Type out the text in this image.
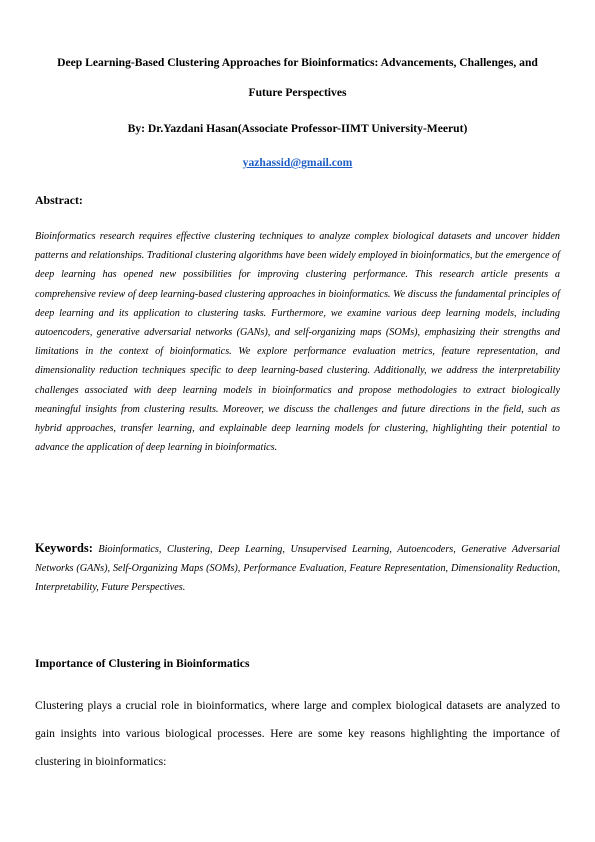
Deep Learning-Based Clustering Approaches for Bioinformatics: Advancements, Challenges, and
Future Perspectives
By: Dr.Yazdani Hasan(Associate Professor-IIMT University-Meerut)
yazhassid@gmail.com
Abstract:

Bioinformatics research requires effective clustering techniques to analyze complex biological datasets and uncover hidden patterns and relationships. Traditional clustering algorithms have been widely employed in bioinformatics, but the emergence of deep learning has opened new possibilities for improving clustering performance. This research article presents a comprehensive review of deep learning-based clustering approaches in bioinformatics. We discuss the fundamental principles of deep learning and its application to clustering tasks. Furthermore, we examine various deep learning models, including autoencoders, generative adversarial networks (GANs), and self-organizing maps (SOMs), emphasizing their strengths and limitations in the context of bioinformatics. We explore performance evaluation metrics, feature representation, and dimensionality reduction techniques specific to deep learning-based clustering. Additionally, we address the interpretability challenges associated with deep learning models in bioinformatics and propose methodologies to extract biologically meaningful insights from clustering results. Moreover, we discuss the challenges and future directions in the field, such as hybrid approaches, transfer learning, and explainable deep learning models for clustering, highlighting their potential to advance the application of deep learning in bioinformatics.

Keywords: Bioinformatics, Clustering, Deep Learning, Unsupervised Learning, Autoencoders, Generative Adversarial Networks (GANs), Self-Organizing Maps (SOMs), Performance Evaluation, Feature Representation, Dimensionality Reduction, Interpretability, Future Perspectives.

Importance of Clustering in Bioinformatics

Clustering plays a crucial role in bioinformatics, where large and complex biological datasets are analyzed to gain insights into various biological processes. Here are some key reasons highlighting the importance of clustering in bioinformatics:
